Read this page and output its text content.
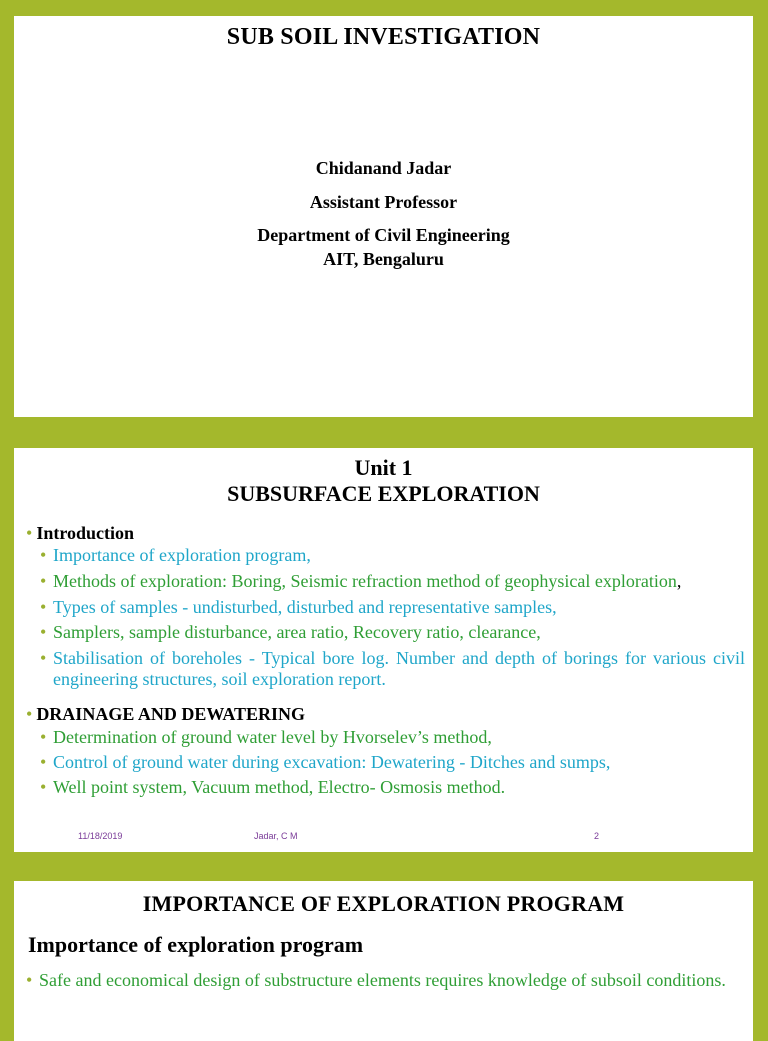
SUB SOIL INVESTIGATION
Chidanand Jadar
Assistant Professor
Department of Civil Engineering
AIT, Bengaluru
Unit 1
SUBSURFACE EXPLORATION
• Introduction
• Importance of exploration program,
• Methods of exploration: Boring, Seismic refraction method of geophysical exploration,
• Types of samples - undisturbed, disturbed and representative samples,
• Samplers, sample disturbance, area ratio, Recovery ratio, clearance,
• Stabilisation of boreholes - Typical bore log. Number and depth of borings for various civil engineering structures, soil exploration report.
• DRAINAGE AND DEWATERING
• Determination of ground water level by Hvorselev’s method,
• Control of ground water during excavation: Dewatering - Ditches and sumps,
• Well point system, Vacuum method, Electro- Osmosis method.
11/18/2019	Jadar, C M	2
IMPORTANCE OF EXPLORATION PROGRAM
Importance of exploration program
• Safe and economical design of substructure elements requires knowledge of subsoil conditions.
